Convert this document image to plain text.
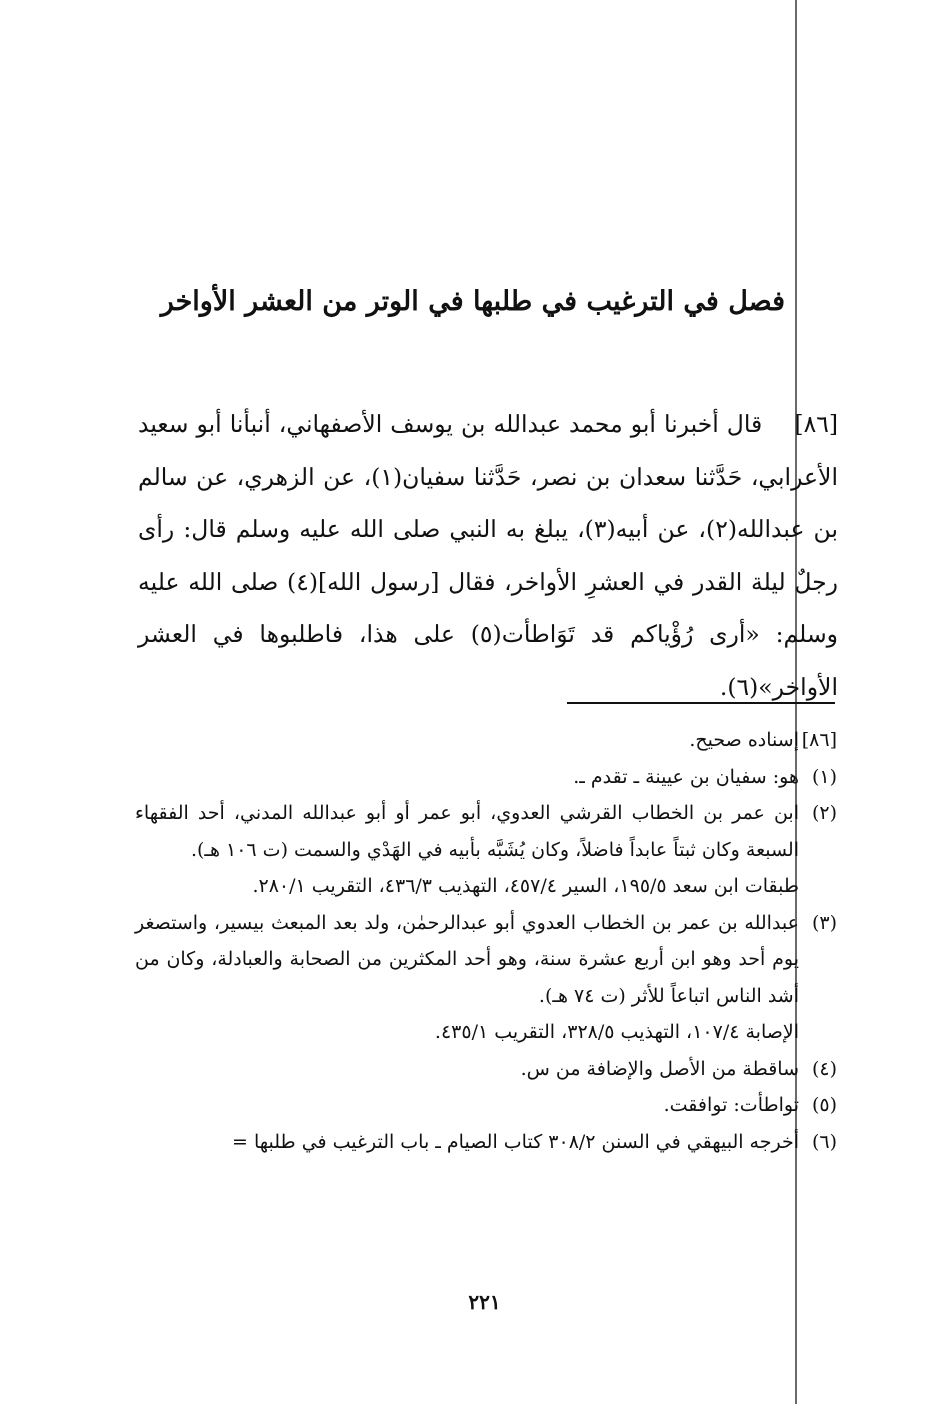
فصل في الترغيب في طلبها في الوتر من العشر الأواخر

[٨٦]    قال أخبرنا أبو محمد عبدالله بن يوسف الأصفهاني، أنبأنا أبو سعيد الأعرابي، حَدَّثنا سعدان بن نصر، حَدَّثنا سفيان(١)، عن الزهري، عن سالم بن عبدالله(٢)، عن أبيه(٣)، يبلغ به النبي صلى الله عليه وسلم قال: رأى رجلٌ ليلة القدر في العشرِ الأواخر، فقال [رسول الله](٤) صلى الله عليه وسلم: «أرى رُؤْياكم قد تَوَاطأت(٥) على هذا، فاطلبوها في العشر الأواخر»(٦).

[٨٦]
إسناده صحيح.
(١)
هو: سفيان بن عيينة ـ تقدم ـ.
(٢)
ابن عمر بن الخطاب القرشي العدوي، أبو عمر أو أبو عبدالله المدني، أحد الفقهاء السبعة وكان ثبتاً عابداً فاضلاً، وكان يُشَبَّه بأبيه في الهَدْي والسمت (ت ١٠٦ هـ).
طبقات ابن سعد ١٩٥/٥، السير ٤٥٧/٤، التهذيب ٤٣٦/٣، التقريب ٢٨٠/١.
(٣)
عبدالله بن عمر بن الخطاب العدوي أبو عبدالرحمٰن، ولد بعد المبعث بيسير، واستصغر يوم أحد وهو ابن أربع عشرة سنة، وهو أحد المكثرين من الصحابة والعبادلة، وكان من أشد الناس اتباعاً للأثر (ت ٧٤ هـ).
الإصابة ١٠٧/٤، التهذيب ٣٢٨/٥، التقريب ٤٣٥/١.
(٤)
ساقطة من الأصل والإضافة من س.
(٥)
تواطأت: توافقت.
(٦)
أخرجه البيهقي في السنن ٣٠٨/٢ كتاب الصيام ـ باب الترغيب في طلبها =
٢٢١
